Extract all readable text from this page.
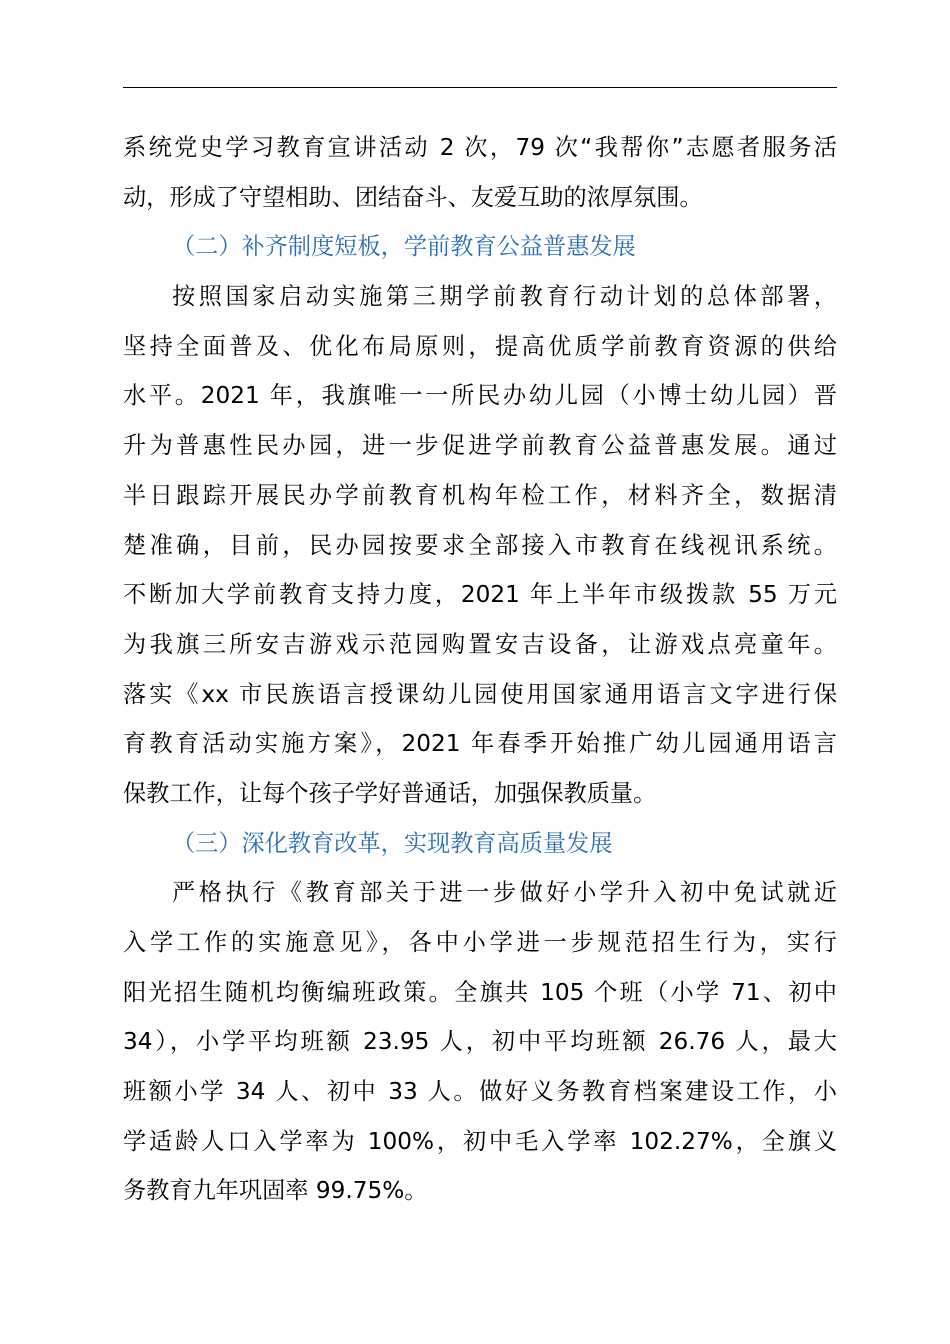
系统党史学习教育宣讲活动 2 次，79 次“我帮你”志愿者服务活
动，形成了守望相助、团结奋斗、友爱互助的浓厚氛围。
（二）补齐制度短板，学前教育公益普惠发展
按照国家启动实施第三期学前教育行动计划的总体部署，
坚持全面普及、优化布局原则，提高优质学前教育资源的供给
水平。2021 年，我旗唯一一所民办幼儿园（小博士幼儿园）晋
升为普惠性民办园，进一步促进学前教育公益普惠发展。通过
半日跟踪开展民办学前教育机构年检工作，材料齐全，数据清
楚准确，目前，民办园按要求全部接入市教育在线视讯系统。
不断加大学前教育支持力度，2021 年上半年市级拨款 55 万元
为我旗三所安吉游戏示范园购置安吉设备，让游戏点亮童年。
落实《xx 市民族语言授课幼儿园使用国家通用语言文字进行保
育教育活动实施方案》，2021 年春季开始推广幼儿园通用语言
保教工作，让每个孩子学好普通话，加强保教质量。
（三）深化教育改革，实现教育高质量发展
严格执行《教育部关于进一步做好小学升入初中免试就近
入学工作的实施意见》，各中小学进一步规范招生行为，实行
阳光招生随机均衡编班政策。全旗共 105 个班（小学 71、初中
34），小学平均班额 23.95 人，初中平均班额 26.76 人，最大
班额小学 34 人、初中 33 人。做好义务教育档案建设工作，小
学适龄人口入学率为 100%，初中毛入学率 102.27%，全旗义
务教育九年巩固率 99.75%。
